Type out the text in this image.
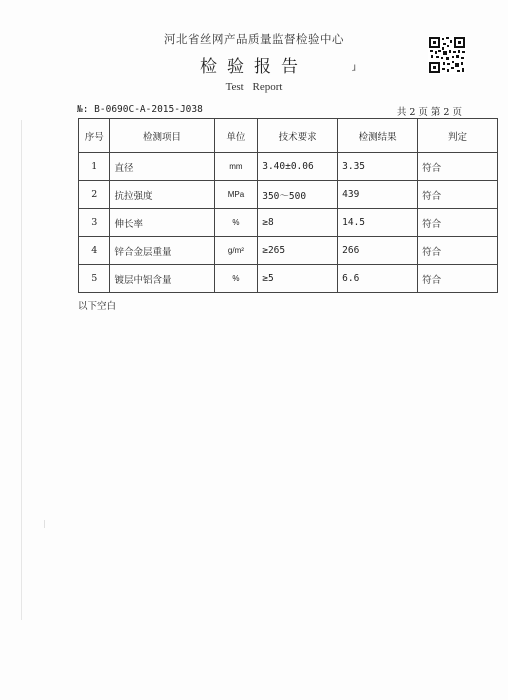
河北省丝网产品质量监督检验中心
检验报告	ɹ
Test Report
№: B-0690C-A-2015-J038	共 2 页 第 2 页
序号	检测项目	单位	技术要求	检测结果	判定
1	直径	mm	3.40±0.06	3.35	符合
2	抗拉强度	MPa	350～500	439	符合
3	伸长率	%	≥8	14.5	符合
4	锌合金层重量	g/m²	≥265	266	符合
5	镀层中铝含量	%	≥5	6.6	符合
以下空白
